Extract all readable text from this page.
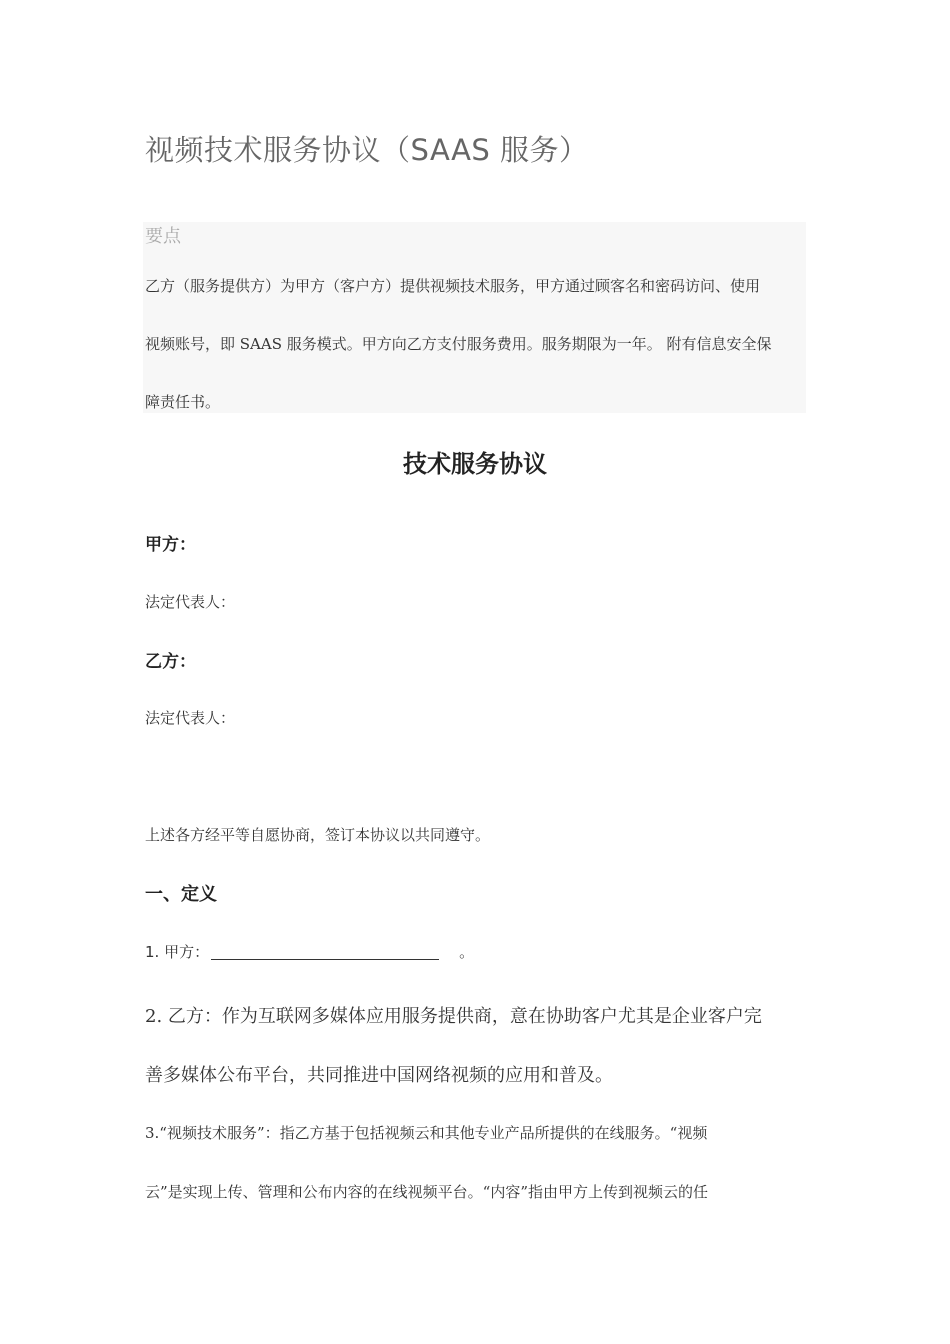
视频技术服务协议（SAAS 服务）
要点
乙方（服务提供方）为甲方（客户方）提供视频技术服务，甲方通过顾客名和密码访问、使用
视频账号，即 SAAS 服务模式。甲方向乙方支付服务费用。服务期限为一年。 附有信息安全保
障责任书。
技术服务协议
甲方：
法定代表人：
乙方：
法定代表人：
上述各方经平等自愿协商，签订本协议以共同遵守。
一、定义
1. 甲方：	。
2. 乙方：作为互联网多媒体应用服务提供商，意在协助客户尤其是企业客户完
善多媒体公布平台，共同推进中国网络视频的应用和普及。
3.“视频技术服务”：指乙方基于包括视频云和其他专业产品所提供的在线服务。“视频
云”是实现上传、管理和公布内容的在线视频平台。“内容”指由甲方上传到视频云的任
